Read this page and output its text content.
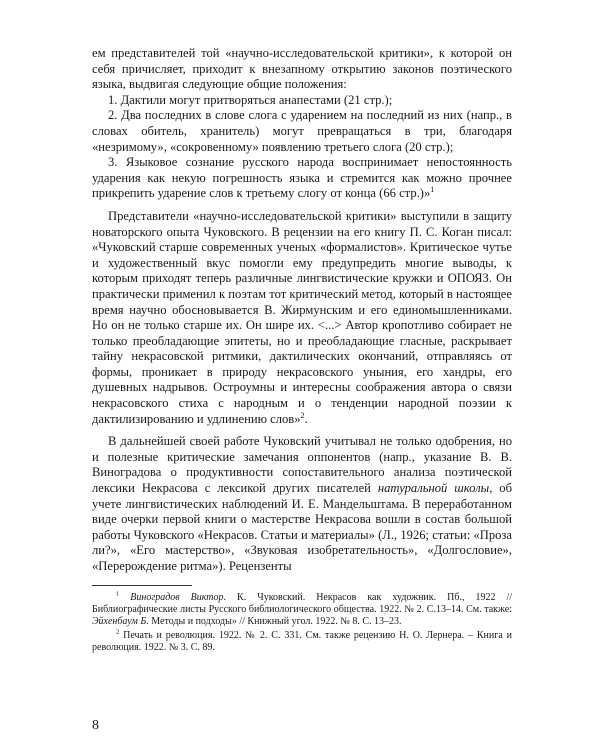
ем представителей той «научно-исследовательской критики», к которой он себя причисляет, приходит к внезапному открытию законов поэтического языка, выдвигая следующие общие положения:

1. Дактили могут притворяться анапестами (21 стр.);

2. Два последних в слове слога с ударением на последний из них (напр., в словах обитель, хранитель) могут превращаться в три, благодаря «незримому», «сокровенному» появлению третьего слога (20 стр.);

3. Языковое сознание русского народа воспринимает непостоянность ударения как некую погрешность языка и стремится как можно прочнее прикрепить ударение слов к третьему слогу от конца (66 стр.)»$^1$

Представители «научно-исследовательской критики» выступили в защиту новаторского опыта Чуковского. В рецензии на его книгу П. С. Коган писал: «Чуковский старше современных ученых «формалистов». Критическое чутье и художественный вкус помогли ему предупредить многие выводы, к которым приходят теперь различные лингвистические кружки и ОПОЯЗ. Он практически применил к поэтам тот критический метод, который в настоящее время научно обосновывается В. Жирмунским и его единомышленниками. Но он не только старше их. Он шире их. <...> Автор кропотливо собирает не только преобладающие эпитеты, но и преобладающие гласные, раскрывает тайну некрасовской ритмики, дактилических окончаний, отправляясь от формы, проникает в природу некрасовского уныния, его хандры, его душевных надрывов. Остроумны и интересны соображения автора о связи некрасовского стиха с народным и о тенденции народной поэзии к дактилизированию и удлинению слов»$^2$.

В дальнейшей своей работе Чуковский учитывал не только одобрения, но и полезные критические замечания оппонентов (напр., указание В. В. Виноградова о продуктивности сопоставительного анализа поэтической лексики Некрасова с лексикой других писателей натуральной школы, об учете лингвистических наблюдений И. Е. Мандельштама. В переработанном виде очерки первой книги о мастерстве Некрасова вошли в состав большой работы Чуковского «Некрасов. Статьи и материалы» (Л., 1926; статьи: «Проза ли?», «Его мастерство», «Звуковая изобретательность», «Долгословие», «Перерождение ритма»). Рецензенты

$^1$ Виноградов Виктор. К. Чуковский. Некрасов как художник. Пб., 1922 // Библиографические листы Русского библиологического общества. 1922. № 2. С.13–14. См. также: Эйхенбаум Б. Методы и подходы» // Книжный угол. 1922. № 8. С. 13–23.

$^2$ Печать и революция. 1922. № 2. С. 331. См. также рецензию Н. О. Лернера. – Книга и революция. 1922. № 3. С. 89.

8
